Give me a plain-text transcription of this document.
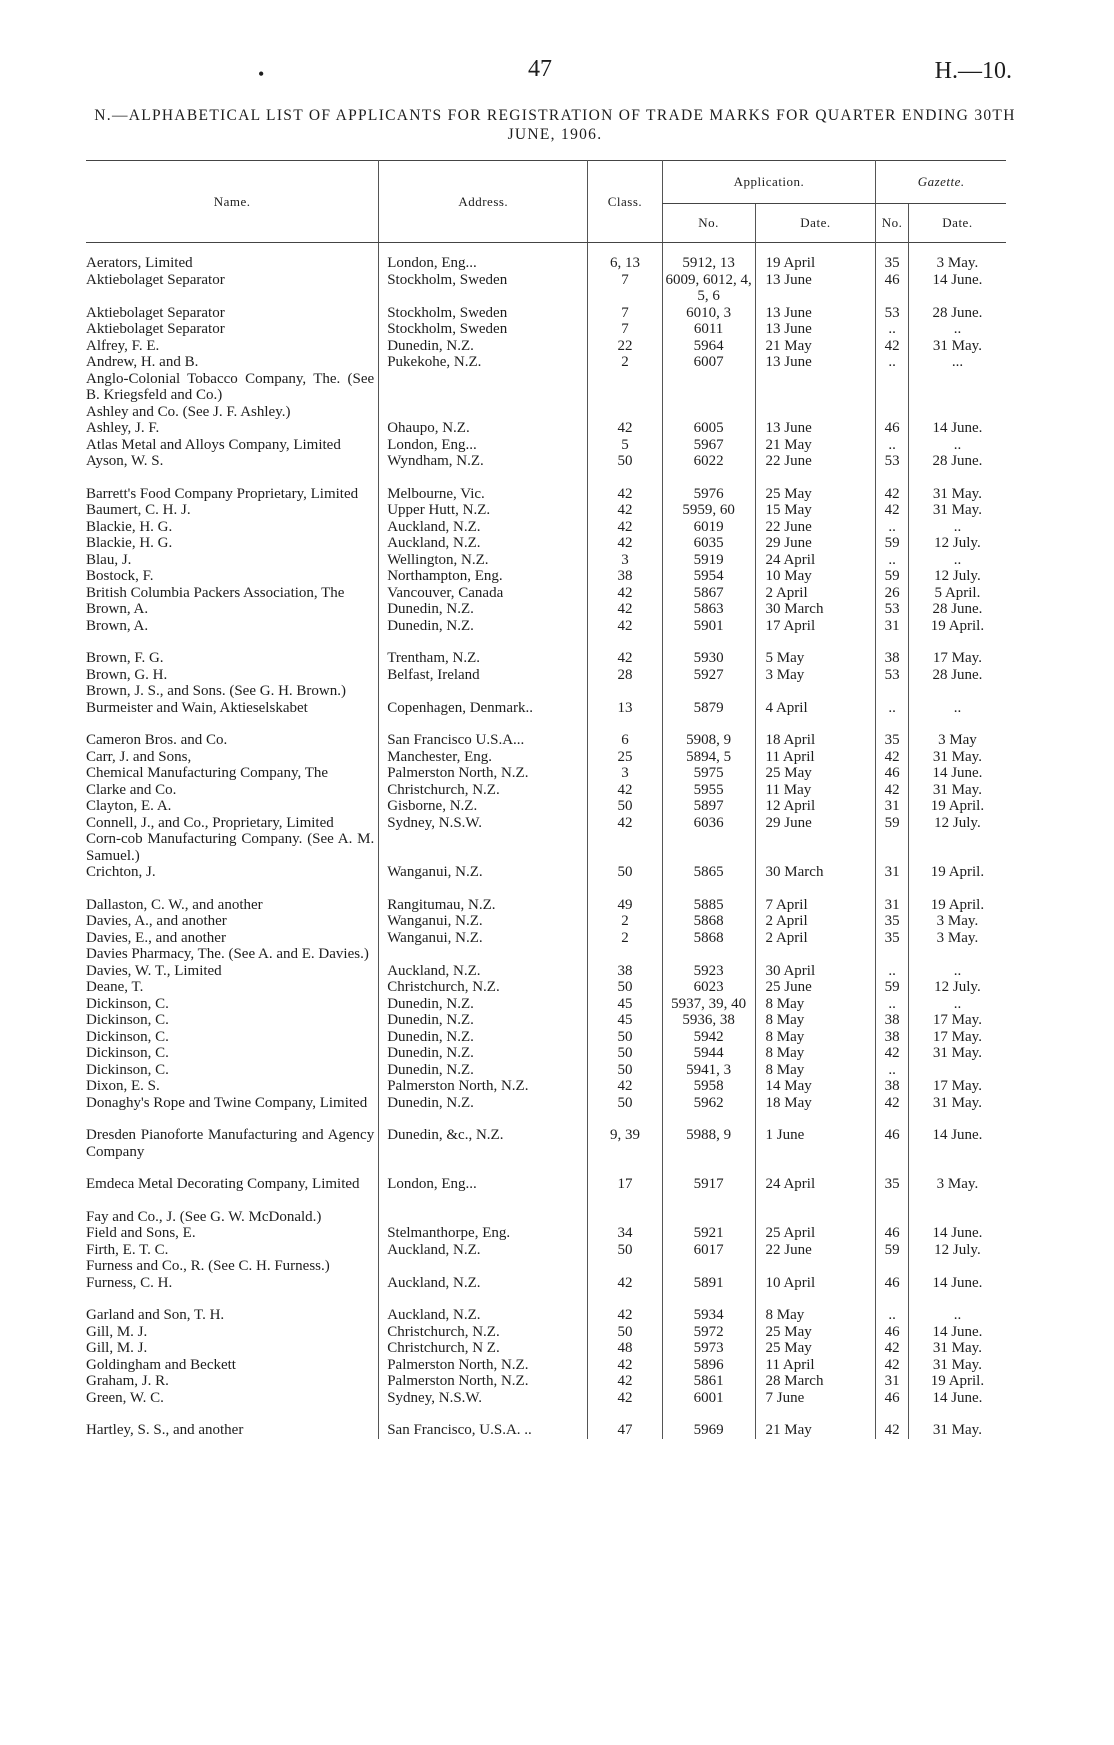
•	47	H.—10.
N.—ALPHABETICAL LIST OF APPLICANTS FOR REGISTRATION OF TRADE MARKS FOR QUARTER ENDING 30TH JUNE, 1906.
Name.	Address.	Class.	Application.		Gazette.	
			No.	Date.	No.	Date.
Aerators, Limited	London, Eng...	6, 13	5912, 13	19 April	35	3 May.
Aktiebolaget Separator	Stockholm, Sweden	7	6009, 6012, 4, 5, 6	13 June	46	14 June.
Aktiebolaget Separator	Stockholm, Sweden	7	6010, 3	13 June	53	28 June.
Aktiebolaget Separator	Stockholm, Sweden	7	6011	13 June	..	..
Alfrey, F. E.	Dunedin, N.Z.	22	5964	21 May	42	31 May.
Andrew, H. and B.	Pukekohe, N.Z.	2	6007	13 June	..	...
Anglo-Colonial Tobacco Company, The. (See B. Kriegsfeld and Co.)						
Ashley and Co. (See J. F. Ashley.)						
Ashley, J. F.	Ohaupo, N.Z.	42	6005	13 June	46	14 June.
Atlas Metal and Alloys Company, Limited	London, Eng...	5	5967	21 May	..	..
Ayson, W. S.	Wyndham, N.Z.	50	6022	22 June	53	28 June.

Barrett's Food Company Proprietary, Limited	Melbourne, Vic.	42	5976	25 May	42	31 May.
Baumert, C. H. J.	Upper Hutt, N.Z.	42	5959, 60	15 May	42	31 May.
Blackie, H. G.	Auckland, N.Z.	42	6019	22 June	..	..
Blackie, H. G.	Auckland, N.Z.	42	6035	29 June	59	12 July.
Blau, J.	Wellington, N.Z.	3	5919	24 April	..	..
Bostock, F.	Northampton, Eng.	38	5954	10 May	59	12 July.
British Columbia Packers Association, The	Vancouver, Canada	42	5867	2 April	26	5 April.
Brown, A.	Dunedin, N.Z.	42	5863	30 March	53	28 June.
Brown, A.	Dunedin, N.Z.	42	5901	17 April	31	19 April.

Brown, F. G.	Trentham, N.Z.	42	5930	5 May	38	17 May.
Brown, G. H.	Belfast, Ireland	28	5927	3 May	53	28 June.
Brown, J. S., and Sons. (See G. H. Brown.)						
Burmeister and Wain, Aktieselskabet	Copenhagen, Denmark..	13	5879	4 April	..	..

Cameron Bros. and Co.	San Francisco U.S.A...	6	5908, 9	18 April	35	3 May
Carr, J. and Sons,	Manchester, Eng.	25	5894, 5	11 April	42	31 May.
Chemical Manufacturing Company, The	Palmerston North, N.Z.	3	5975	25 May	46	14 June.
Clarke and Co.	Christchurch, N.Z.	42	5955	11 May	42	31 May.
Clayton, E. A.	Gisborne, N.Z.	50	5897	12 April	31	19 April.
Connell, J., and Co., Proprietary, Limited	Sydney, N.S.W.	42	6036	29 June	59	12 July.
Corn-cob Manufacturing Company. (See A. M. Samuel.)						
Crichton, J.	Wanganui, N.Z.	50	5865	30 March	31	19 April.

Dallaston, C. W., and another	Rangitumau, N.Z.	49	5885	7 April	31	19 April.
Davies, A., and another	Wanganui, N.Z.	2	5868	2 April	35	3 May.
Davies, E., and another	Wanganui, N.Z.	2	5868	2 April	35	3 May.
Davies Pharmacy, The. (See A. and E. Davies.)						
Davies, W. T., Limited	Auckland, N.Z.	38	5923	30 April	..	..
Deane, T.	Christchurch, N.Z.	50	6023	25 June	59	12 July.
Dickinson, C.	Dunedin, N.Z.	45	5937, 39, 40	8 May	..	..
Dickinson, C.	Dunedin, N.Z.	45	5936, 38	8 May	38	17 May.
Dickinson, C.	Dunedin, N.Z.	50	5942	8 May	38	17 May.
Dickinson, C.	Dunedin, N.Z.	50	5944	8 May	42	31 May.
Dickinson, C.	Dunedin, N.Z.	50	5941, 3	8 May	..	
Dixon, E. S.	Palmerston North, N.Z.	42	5958	14 May	38	17 May.
Donaghy's Rope and Twine Company, Limited	Dunedin, N.Z.	50	5962	18 May	42	31 May.

Dresden Pianoforte Manufacturing and Agency Company	Dunedin, &c., N.Z.	9, 39	5988, 9	1 June	46	14 June.

Emdeca Metal Decorating Company, Limited	London, Eng...	17	5917	24 April	35	3 May.

Fay and Co., J. (See G. W. McDonald.)						
Field and Sons, E.	Stelmanthorpe, Eng.	34	5921	25 April	46	14 June.
Firth, E. T. C.	Auckland, N.Z.	50	6017	22 June	59	12 July.
Furness and Co., R. (See C. H. Furness.)						
Furness, C. H.	Auckland, N.Z.	42	5891	10 April	46	14 June.

Garland and Son, T. H.	Auckland, N.Z.	42	5934	8 May	..	..
Gill, M. J.	Christchurch, N.Z.	50	5972	25 May	46	14 June.
Gill, M. J.	Christchurch, N Z.	48	5973	25 May	42	31 May.
Goldingham and Beckett	Palmerston North, N.Z.	42	5896	11 April	42	31 May.
Graham, J. R.	Palmerston North, N.Z.	42	5861	28 March	31	19 April.
Green, W. C.	Sydney, N.S.W.	42	6001	7 June	46	14 June.

Hartley, S. S., and another	San Francisco, U.S.A. ..	47	5969	21 May	42	31 May.
